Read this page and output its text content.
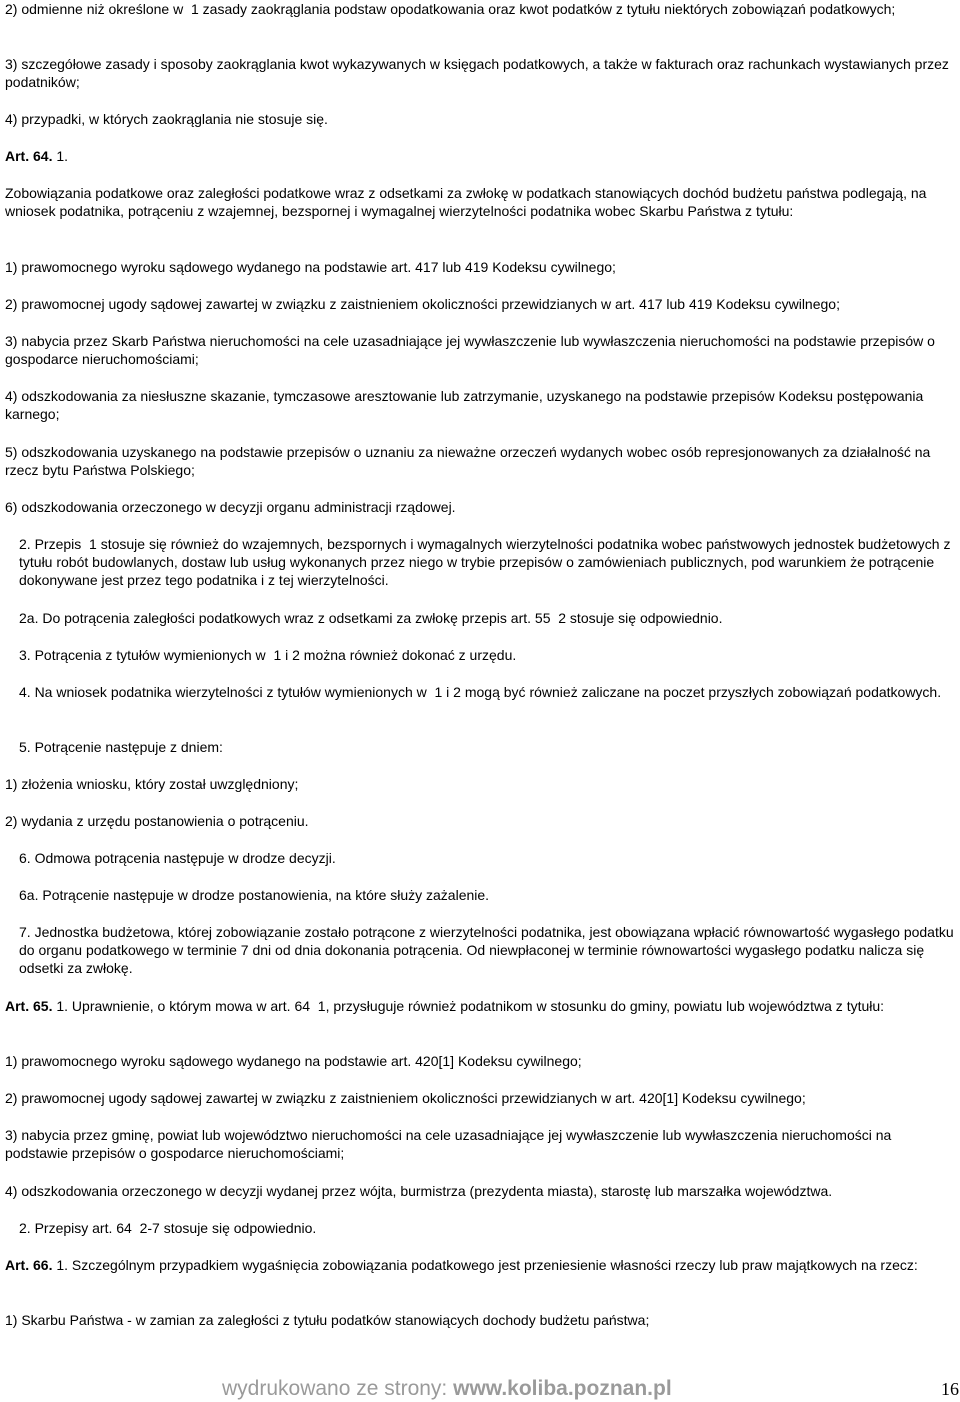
2) odmienne niż określone w  1 zasady zaokrąglania podstaw opodatkowania oraz kwot podatków z tytułu niektórych zobowiązań podatkowych;

3) szczegółowe zasady i sposoby zaokrąglania kwot wykazywanych w księgach podatkowych, a także w fakturach oraz rachunkach wystawianych przez podatników;

4) przypadki, w których zaokrąglania nie stosuje się.

Zobowiązania podatkowe oraz zaległości podatkowe wraz z odsetkami za zwłokę w podatkach stanowiących dochód budżetu państwa podlegają, na wniosek podatnika, potrąceniu z wzajemnej, bezspornej i wymagalnej wierzytelności podatnika wobec Skarbu Państwa z tytułu:

1) prawomocnego wyroku sądowego wydanego na podstawie art. 417 lub 419 Kodeksu cywilnego;

2) prawomocnej ugody sądowej zawartej w związku z zaistnieniem okoliczności przewidzianych w art. 417 lub 419 Kodeksu cywilnego;

3) nabycia przez Skarb Państwa nieruchomości na cele uzasadniające jej wywłaszczenie lub wywłaszczenia nieruchomości na podstawie przepisów o gospodarce nieruchomościami;

4) odszkodowania za niesłuszne skazanie, tymczasowe aresztowanie lub zatrzymanie, uzyskanego na podstawie przepisów Kodeksu postępowania karnego;

5) odszkodowania uzyskanego na podstawie przepisów o uznaniu za nieważne orzeczeń wydanych wobec osób represjonowanych za działalność na rzecz bytu Państwa Polskiego;

6) odszkodowania orzeczonego w decyzji organu administracji rządowej.

2. Przepis  1 stosuje się również do wzajemnych, bezspornych i wymagalnych wierzytelności podatnika wobec państwowych jednostek budżetowych z tytułu robót budowlanych, dostaw lub usług wykonanych przez niego w trybie przepisów o zamówieniach publicznych, pod warunkiem że potrącenie dokonywane jest przez tego podatnika i z tej wierzytelności.

2a. Do potrącenia zaległości podatkowych wraz z odsetkami za zwłokę przepis art. 55  2 stosuje się odpowiednio.

3. Potrącenia z tytułów wymienionych w  1 i 2 można również dokonać z urzędu.

4. Na wniosek podatnika wierzytelności z tytułów wymienionych w  1 i 2 mogą być również zaliczane na poczet przyszłych zobowiązań podatkowych.

5. Potrącenie następuje z dniem:

1) złożenia wniosku, który został uwzględniony;

2) wydania z urzędu postanowienia o potrąceniu.

6. Odmowa potrącenia następuje w drodze decyzji.

6a. Potrącenie następuje w drodze postanowienia, na które służy zażalenie.

7. Jednostka budżetowa, której zobowiązanie zostało potrącone z wierzytelności podatnika, jest obowiązana wpłacić równowartość wygasłego podatku do organu podatkowego w terminie 7 dni od dnia dokonania potrącenia. Od niewpłaconej w terminie równowartości wygasłego podatku nalicza się odsetki za zwłokę.

1) prawomocnego wyroku sądowego wydanego na podstawie art. 420[1] Kodeksu cywilnego;

2) prawomocnej ugody sądowej zawartej w związku z zaistnieniem okoliczności przewidzianych w art. 420[1] Kodeksu cywilnego;

3) nabycia przez gminę, powiat lub województwo nieruchomości na cele uzasadniające jej wywłaszczenie lub wywłaszczenia nieruchomości na podstawie przepisów o gospodarce nieruchomościami;

4) odszkodowania orzeczonego w decyzji wydanej przez wójta, burmistrza (prezydenta miasta), starostę lub marszałka województwa.

2. Przepisy art. 64  2-7 stosuje się odpowiednio.

1) Skarbu Państwa - w zamian za zaległości z tytułu podatków stanowiących dochody budżetu państwa;

Art. 64. 1.

Art. 65. 1. Uprawnienie, o którym mowa w art. 64  1, przysługuje również podatnikom w stosunku do gminy, powiatu lub województwa z tytułu:

Art. 66. 1. Szczególnym przypadkiem wygaśnięcia zobowiązania podatkowego jest przeniesienie własności rzeczy lub praw majątkowych na rzecz:

wydrukowano ze strony: www.koliba.poznan.pl	16
